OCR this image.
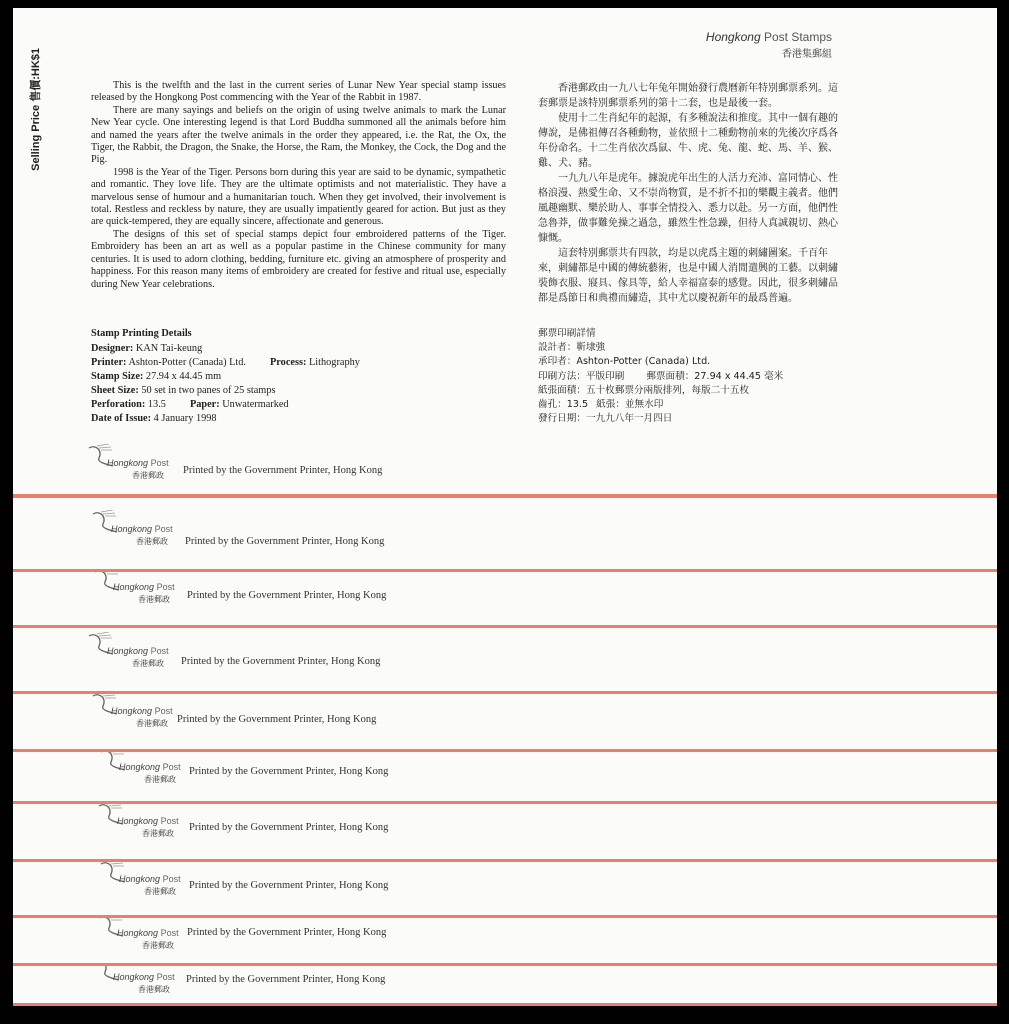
Hongkong Post
香港郵政
Printed by the Government Printer, Hong Kong
Hongkong Post
香港郵政
Printed by the Government Printer, Hong Kong
Hongkong Post
香港郵政
Printed by the Government Printer, Hong Kong
Hongkong Post
香港郵政
Printed by the Government Printer, Hong Kong
Hongkong Post
香港郵政
Printed by the Government Printer, Hong Kong
Hongkong Post
香港郵政 Printed by the Government Printer, Hong Kong
Hongkong Post
香港郵政 Printed by the Government Printer, Hong Kong
Hongkong Post
香港郵政 Printed by the Government Printer, Hong Kong
Hongkong Post
香港郵政 Printed by the Government Printer, Hong Kong
Selling Price 售價:HK$1
Hongkong Post Stamps
香港集郵組

This is the twelfth and the last in the current series of Lunar New Year special stamp issues released by the Hongkong Post commencing with the Year of the Rabbit in 1987.

There are many sayings and beliefs on the origin of using twelve animals to mark the Lunar New Year cycle. One interesting legend is that Lord Buddha summoned all the animals before him and named the years after the twelve animals in the order they appeared, i.e. the Rat, the Ox, the Tiger, the Rabbit, the Dragon, the Snake, the Horse, the Ram, the Monkey, the Cock, the Dog and the Pig.

1998 is the Year of the Tiger. Persons born during this year are said to be dynamic, sympathetic and romantic. They love life. They are the ultimate optimists and not materialistic. They have a marvelous sense of humour and a humanitarian touch. When they get involved, their involvement is total. Restless and reckless by nature, they are usually impatiently geared for action. But just as they are quick-tempered, they are equally sincere, affectionate and generous.

The designs of this set of special stamps depict four embroidered patterns of the Tiger. Embroidery has been an art as well as a popular pastime in the Chinese community for many centuries. It is used to adorn clothing, bedding, furniture etc. giving an atmosphere of prosperity and happiness. For this reason many items of embroidery are created for festive and ritual use, especially during New Year celebrations.

香港郵政由一九八七年兔年開始發行農曆新年特別郵票系列。這套郵票是該特別郵票系列的第十二套，也是最後一套。

使用十二生肖紀年的起源，有多種說法和推度。其中一個有趣的傳說，是佛祖傳召各種動物，並依照十二種動物前來的先後次序爲各年份命名。十二生肖依次爲鼠、牛、虎、兔、龍、蛇、馬、羊、猴、雞、犬、豬。

一九九八年是虎年。據說虎年出生的人活力充沛、富同情心、性格浪漫、熱愛生命、又不崇尚物質，是不折不扣的樂觀主義者。他們風趣幽默、樂於助人、事事全情投入、悉力以赴。另一方面，他們性急魯莽，做事難免操之過急，雖然生性急躁，但待人真誠親切、熱心慷慨。

這套特別郵票共有四款，均是以虎爲主題的刺繡圖案。千百年來，刺繡都是中國的傳統藝術，也是中國人消閒遣興的工藝。以刺繡裝飾衣服、寢具、傢具等，給人幸福富泰的感覺。因此，很多刺繡品都是爲節日和典禮而繡造，其中尤以慶祝新年的最爲普遍。

Stamp Printing Details
Designer: KAN Tai-keung
Printer: Ashton-Potter (Canada) Ltd. Process: Lithography
Stamp Size: 27.94 x 44.45 mm
Sheet Size: 50 set in two panes of 25 stamps
Perforation: 13.5 Paper: Unwatermarked
Date of Issue: 4 January 1998
郵票印刷詳情
設計者：靳埭強
承印者：Ashton-Potter (Canada) Ltd.
印刷方法：平版印刷 郵票面積：27.94 x 44.45 毫米
紙張面積：五十枚郵票分兩版排列，每版二十五枚
齒孔：13.5 紙張：並無水印
發行日期：一九九八年一月四日
Hongkong Post
香港郵政 Printed by the Government Printer, Hong Kong
